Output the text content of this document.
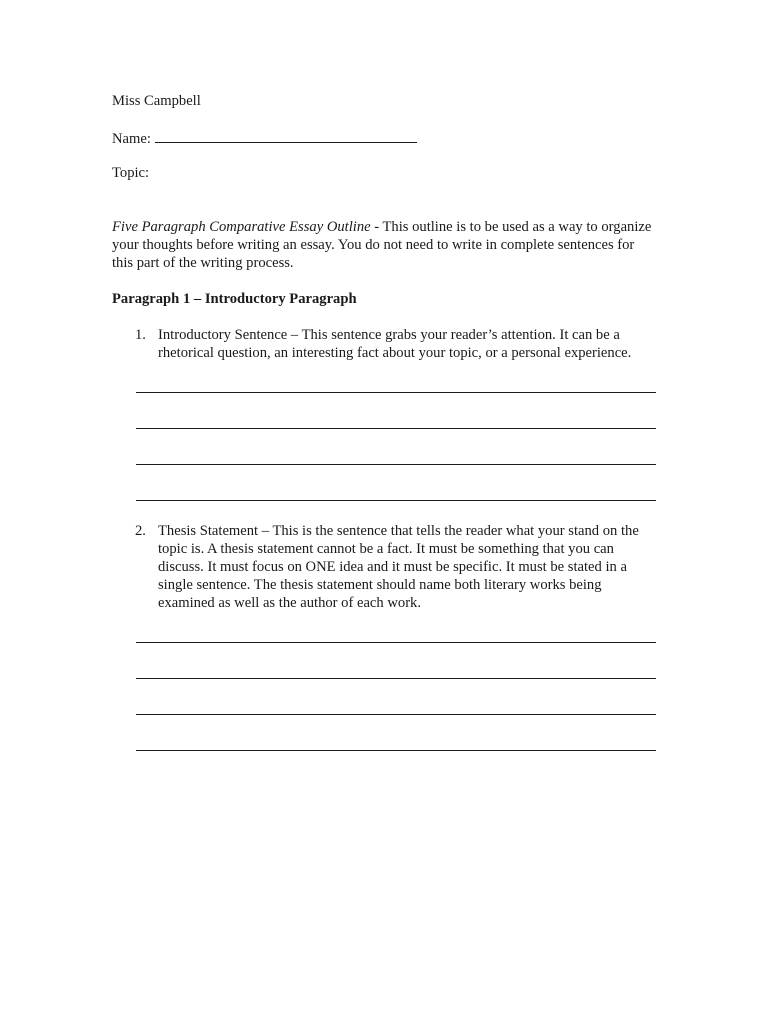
Miss Campbell
Name:
Topic:
Five Paragraph Comparative Essay Outline - This outline is to be used as a way to organize your thoughts before writing an essay. You do not need to write in complete sentences for this part of the writing process.
Paragraph 1 – Introductory Paragraph
1. Introductory Sentence – This sentence grabs your reader’s attention. It can be a rhetorical question, an interesting fact about your topic, or a personal experience.
2. Thesis Statement – This is the sentence that tells the reader what your stand on the topic is. A thesis statement cannot be a fact. It must be something that you can discuss. It must focus on ONE idea and it must be specific. It must be stated in a single sentence. The thesis statement should name both literary works being examined as well as the author of each work.
